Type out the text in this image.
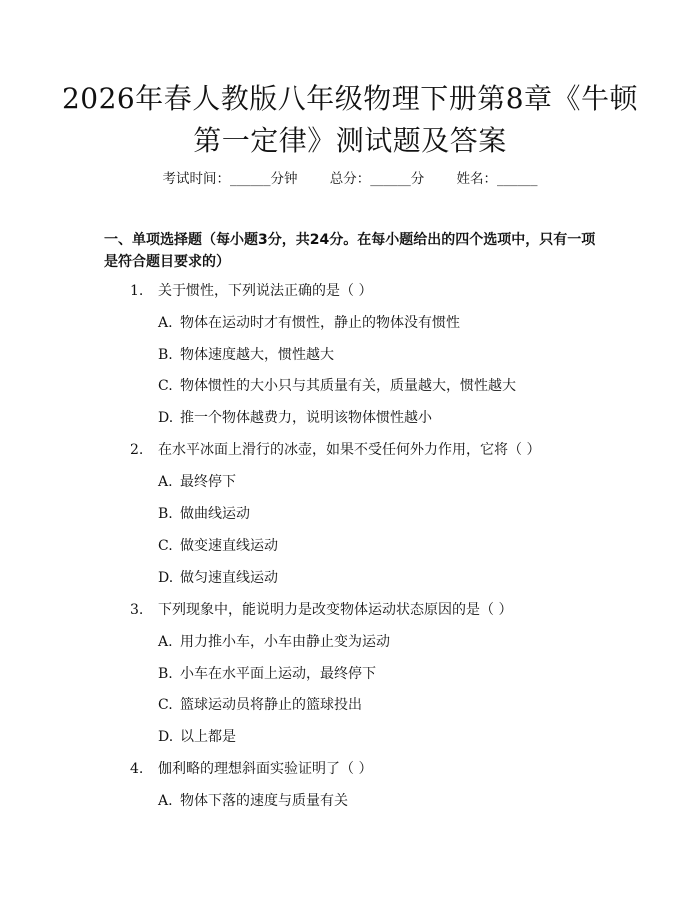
2026年春人教版八年级物理下册第8章《牛顿第一定律》测试题及答案
考试时间：______分钟 总分：______分 姓名：______
一、单项选择题（每小题3分，共24分。在每小题给出的四个选项中，只有一项是符合题目要求的）
1. 关于惯性，下列说法正确的是（ ）
A. 物体在运动时才有惯性，静止的物体没有惯性
B. 物体速度越大，惯性越大
C. 物体惯性的大小只与其质量有关，质量越大，惯性越大
D. 推一个物体越费力，说明该物体惯性越小
2. 在水平冰面上滑行的冰壶，如果不受任何外力作用，它将（ ）
A. 最终停下
B. 做曲线运动
C. 做变速直线运动
D. 做匀速直线运动
3. 下列现象中，能说明力是改变物体运动状态原因的是（ ）
A. 用力推小车，小车由静止变为运动
B. 小车在水平面上运动，最终停下
C. 篮球运动员将静止的篮球投出
D. 以上都是
4. 伽利略的理想斜面实验证明了（ ）
A. 物体下落的速度与质量有关
